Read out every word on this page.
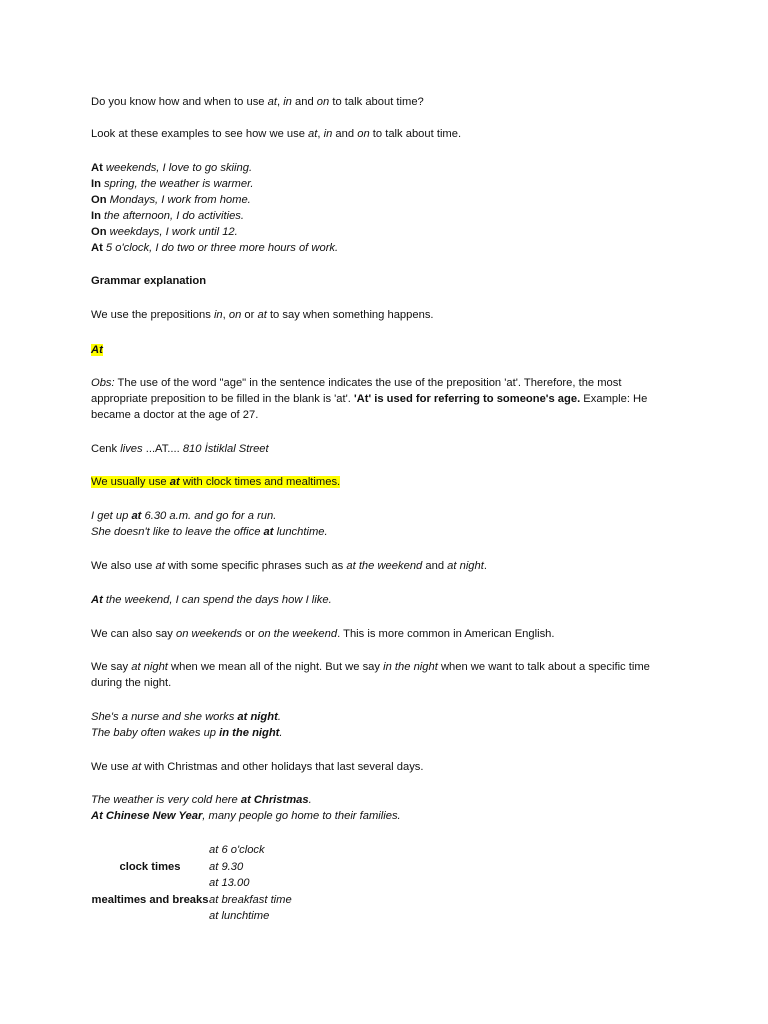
Do you know how and when to use at, in and on to talk about time?

Look at these examples to see how we use at, in and on to talk about time.

At weekends, I love to go skiing.
In spring, the weather is warmer.
On Mondays, I work from home.
In the afternoon, I do activities.
On weekdays, I work until 12.
At 5 o'clock, I do two or three more hours of work.

Grammar explanation

We use the prepositions in, on or at to say when something happens.

At

Obs: The use of the word "age" in the sentence indicates the use of the preposition 'at'. Therefore, the most appropriate preposition to be filled in the blank is 'at'. 'At' is used for referring to someone's age. Example: He became a doctor at the age of 27.

Cenk lives ...AT.... 810 İstiklal Street

We usually use at with clock times and mealtimes.

I get up at 6.30 a.m. and go for a run.
She doesn't like to leave the office at lunchtime.

We also use at with some specific phrases such as at the weekend and at night.

At the weekend, I can spend the days how I like.

We can also say on weekends or on the weekend. This is more common in American English.

We say at night when we mean all of the night. But we say in the night when we want to talk about a specific time during the night.

She's a nurse and she works at night.
The baby often wakes up in the night.

We use at with Christmas and other holidays that last several days.

The weather is very cold here at Christmas.
At Chinese New Year, many people go home to their families.
	at 6 o'clock
clock times	at 9.30
	at 13.00
mealtimes and breaks	at breakfast time
	at lunchtime
